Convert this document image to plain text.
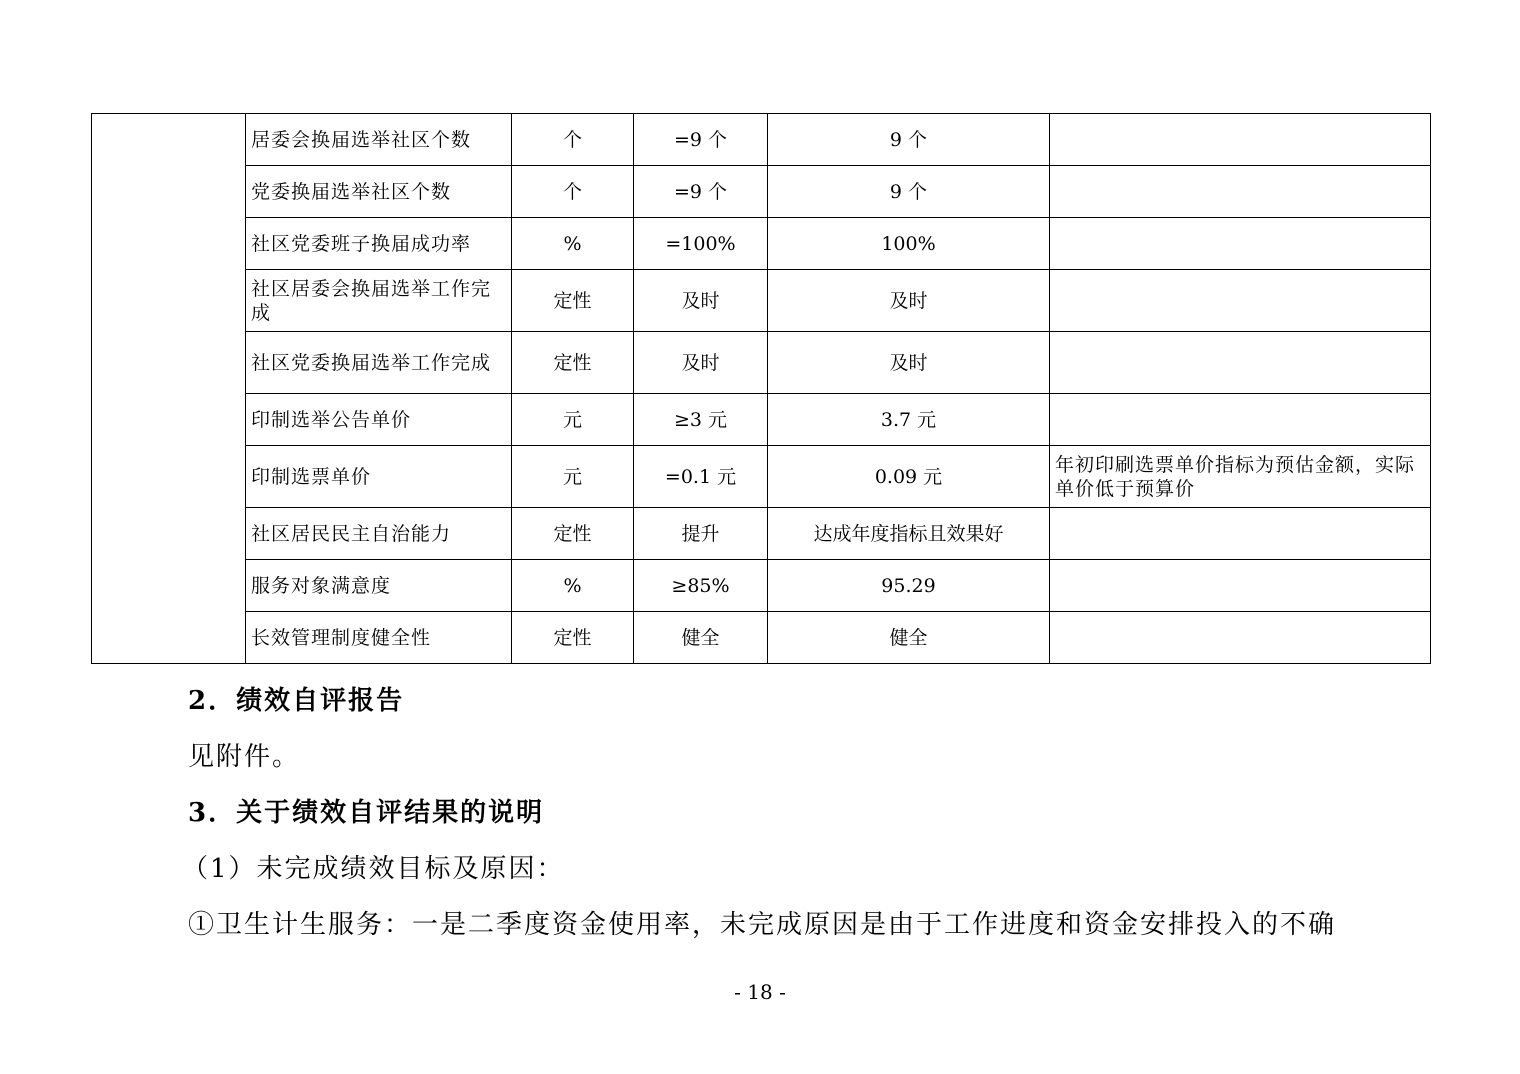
	居委会换届选举社区个数	个	=9 个	9 个	
	党委换届选举社区个数	个	=9 个	9 个	
	社区党委班子换届成功率	%	=100%	100%	
	社区居委会换届选举工作完成	定性	及时	及时	
	社区党委换届选举工作完成	定性	及时	及时	
	印制选举公告单价	元	≥3 元	3.7 元	
	印制选票单价	元	=0.1 元	0.09 元	年初印刷选票单价指标为预估金额，实际单价低于预算价
	社区居民民主自治能力	定性	提升	达成年度指标且效果好	
	服务对象满意度	%	≥85%	95.29	
	长效管理制度健全性	定性	健全	健全	
2．绩效自评报告
见附件。
3．关于绩效自评结果的说明
（1）未完成绩效目标及原因：
①卫生计生服务：一是二季度资金使用率，未完成原因是由于工作进度和资金安排投入的不确
- 18 -
